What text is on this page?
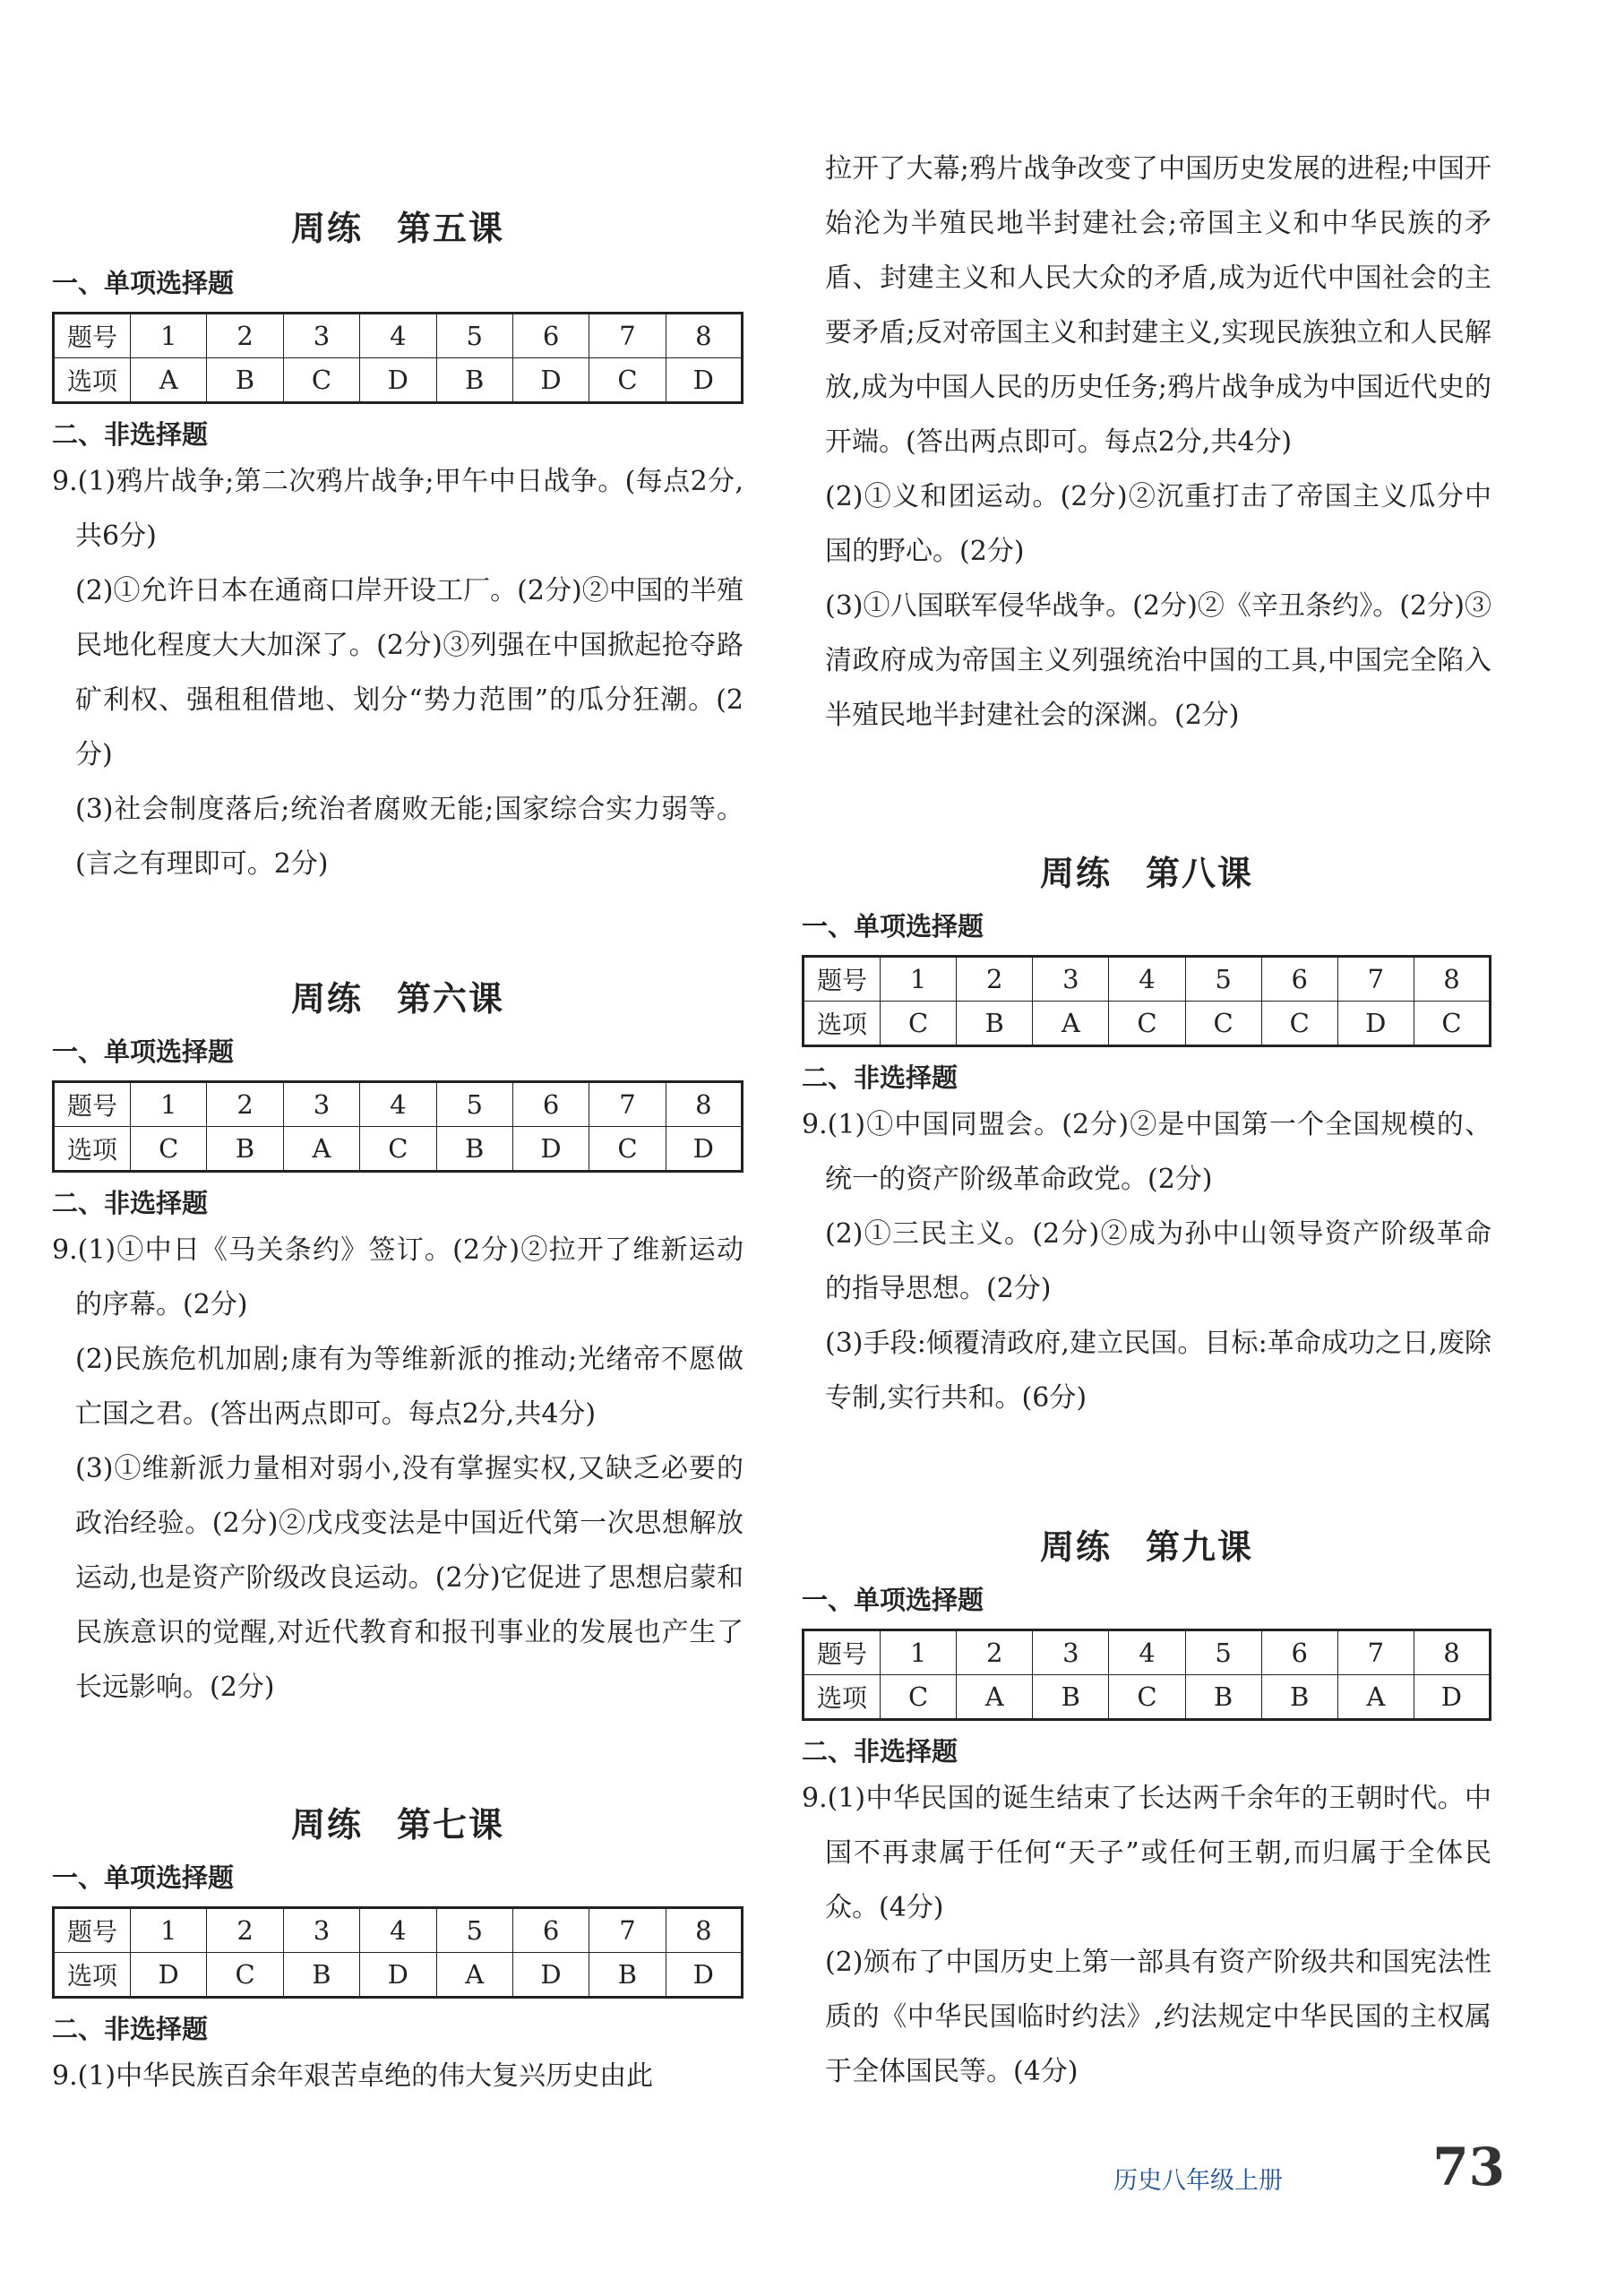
周练 第五课
一、单项选择题
题号	1	2	3	4	5	6	7	8
选项	A	B	C	D	B	D	C	D
二、非选择题
9.(1)鸦片战争;第二次鸦片战争;甲午中日战争。(每点2分,共6分)
(2)①允许日本在通商口岸开设工厂。(2分)②中国的半殖民地化程度大大加深了。(2分)③列强在中国掀起抢夺路矿利权、强租租借地、划分“势力范围”的瓜分狂潮。(2分)
(3)社会制度落后;统治者腐败无能;国家综合实力弱等。(言之有理即可。2分)
周练 第六课
一、单项选择题
题号	1	2	3	4	5	6	7	8
选项	C	B	A	C	B	D	C	D
二、非选择题
9.(1)①中日《马关条约》签订。(2分)②拉开了维新运动的序幕。(2分)
(2)民族危机加剧;康有为等维新派的推动;光绪帝不愿做亡国之君。(答出两点即可。每点2分,共4分)
(3)①维新派力量相对弱小,没有掌握实权,又缺乏必要的政治经验。(2分)②戊戌变法是中国近代第一次思想解放运动,也是资产阶级改良运动。(2分)它促进了思想启蒙和民族意识的觉醒,对近代教育和报刊事业的发展也产生了长远影响。(2分)
周练 第七课
一、单项选择题
题号	1	2	3	4	5	6	7	8
选项	D	C	B	D	A	D	B	D
二、非选择题
9.(1)中华民族百余年艰苦卓绝的伟大复兴历史由此
拉开了大幕;鸦片战争改变了中国历史发展的进程;中国开始沦为半殖民地半封建社会;帝国主义和中华民族的矛盾、封建主义和人民大众的矛盾,成为近代中国社会的主要矛盾;反对帝国主义和封建主义,实现民族独立和人民解放,成为中国人民的历史任务;鸦片战争成为中国近代史的开端。(答出两点即可。每点2分,共4分)
(2)①义和团运动。(2分)②沉重打击了帝国主义瓜分中国的野心。(2分)
(3)①八国联军侵华战争。(2分)②《辛丑条约》。(2分)③清政府成为帝国主义列强统治中国的工具,中国完全陷入半殖民地半封建社会的深渊。(2分)
周练 第八课
一、单项选择题
题号	1	2	3	4	5	6	7	8
选项	C	B	A	C	C	C	D	C
二、非选择题
9.(1)①中国同盟会。(2分)②是中国第一个全国规模的、统一的资产阶级革命政党。(2分)
(2)①三民主义。(2分)②成为孙中山领导资产阶级革命的指导思想。(2分)
(3)手段:倾覆清政府,建立民国。目标:革命成功之日,废除专制,实行共和。(6分)
周练 第九课
一、单项选择题
题号	1	2	3	4	5	6	7	8
选项	C	A	B	C	B	B	A	D
二、非选择题
9.(1)中华民国的诞生结束了长达两千余年的王朝时代。中国不再隶属于任何“天子”或任何王朝,而归属于全体民众。(4分)
(2)颁布了中国历史上第一部具有资产阶级共和国宪法性质的《中华民国临时约法》,约法规定中华民国的主权属于全体国民等。(4分)
历史八年级上册	73
